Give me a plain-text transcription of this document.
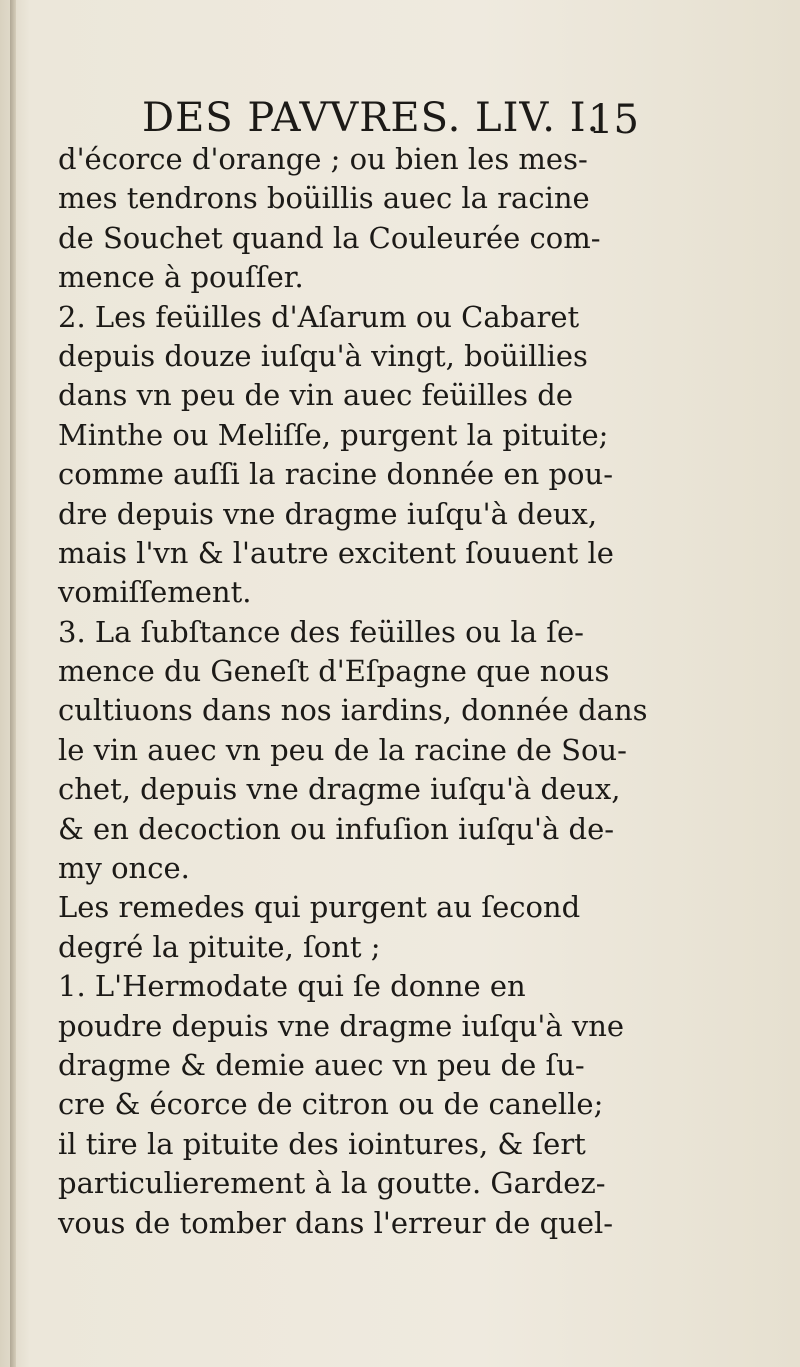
DES PAVVRES. LIV. I.
15
d'écorce d'orange ; ou bien les mes-
mes tendrons boüillis auec la racine
de Souchet quand la Couleurée com-
mence à pouſſer.
2. Les feüilles d'Aſarum ou Cabaret
depuis douze iuſqu'à vingt, boüillies
dans vn peu de vin auec feüilles de
Minthe ou Meliſſe, purgent la pituite;
comme auſſi la racine donnée en pou-
dre depuis vne dragme iuſqu'à deux,
mais l'vn & l'autre excitent ſouuent le
vomiſſement.
3. La ſubſtance des feüilles ou la ſe-
mence du Geneſt d'Eſpagne que nous
cultiuons dans nos iardins, donnée dans
le vin auec vn peu de la racine de Sou-
chet, depuis vne dragme iuſqu'à deux,
& en decoction ou infuſion iuſqu'à de-
my once.
Les remedes qui purgent au ſecond
degré la pituite, ſont ;
1. L'Hermodate qui ſe donne en
poudre depuis vne dragme iuſqu'à vne
dragme & demie auec vn peu de ſu-
cre & écorce de citron ou de canelle;
il tire la pituite des iointures, & ſert
particulierement à la goutte. Gardez-
vous de tomber dans l'erreur de quel-
